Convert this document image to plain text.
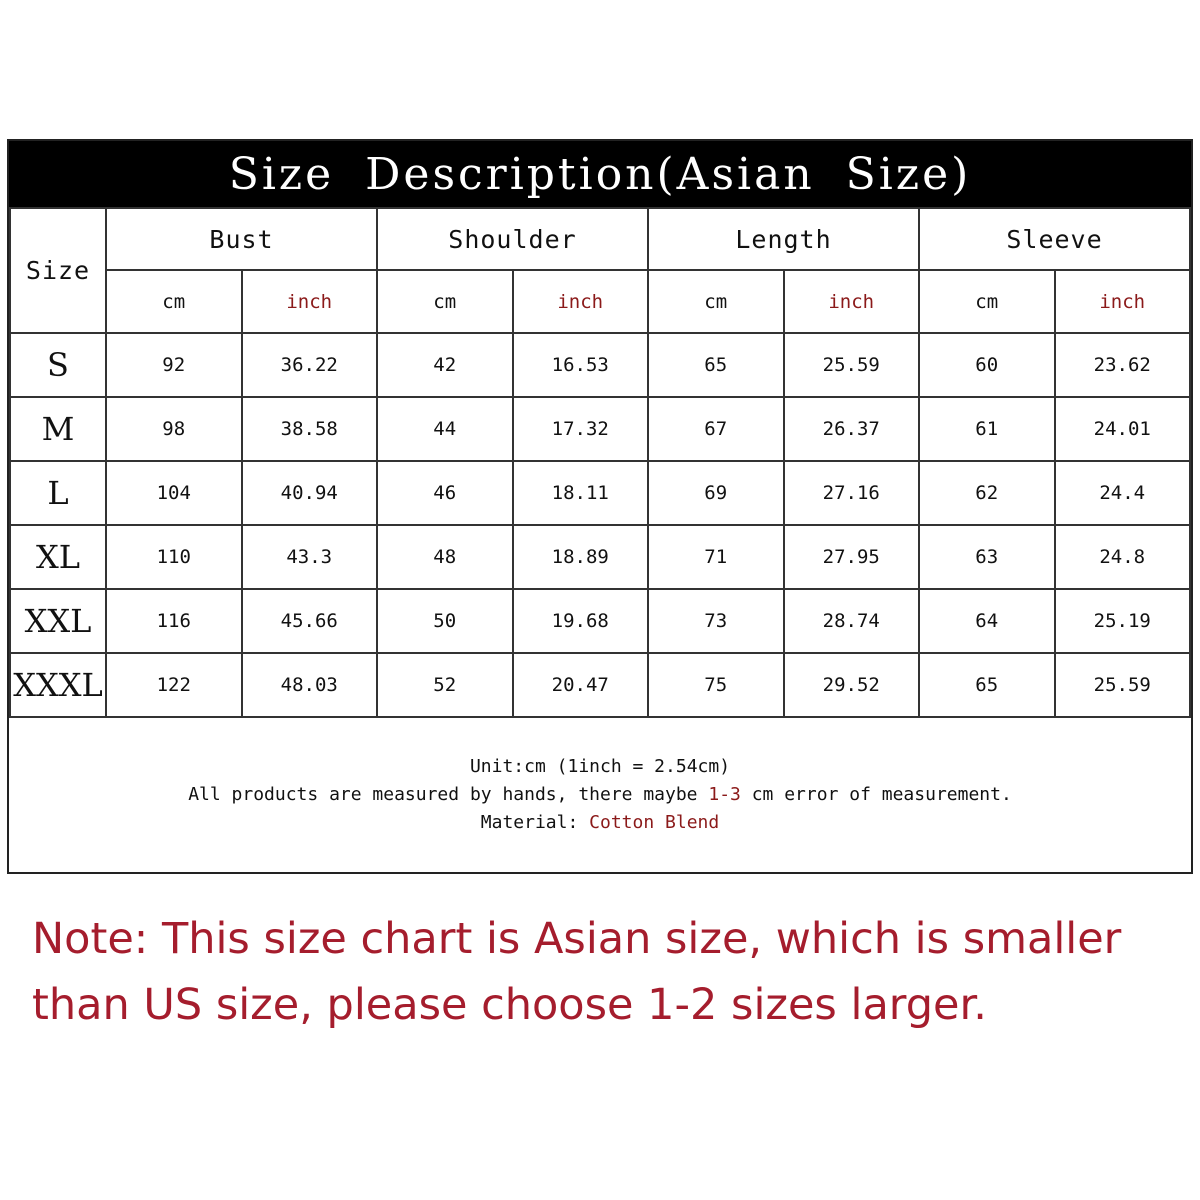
Size Description(Asian Size)
Size	Bust		Shoulder		Length		Sleeve	
	cm	inch	cm	inch	cm	inch	cm	inch
S	92	36.22	42	16.53	65	25.59	60	23.62
M	98	38.58	44	17.32	67	26.37	61	24.01
L	104	40.94	46	18.11	69	27.16	62	24.4
XL	110	43.3	48	18.89	71	27.95	63	24.8
XXL	116	45.66	50	19.68	73	28.74	64	25.19
XXXL	122	48.03	52	20.47	75	29.52	65	25.59
Unit:cm (1inch = 2.54cm)
All products are measured by hands, there maybe 1-3 cm error of measurement.
Material: Cotton Blend
Note: This size chart is Asian size, which is smaller than US size, please choose 1-2 sizes larger.
